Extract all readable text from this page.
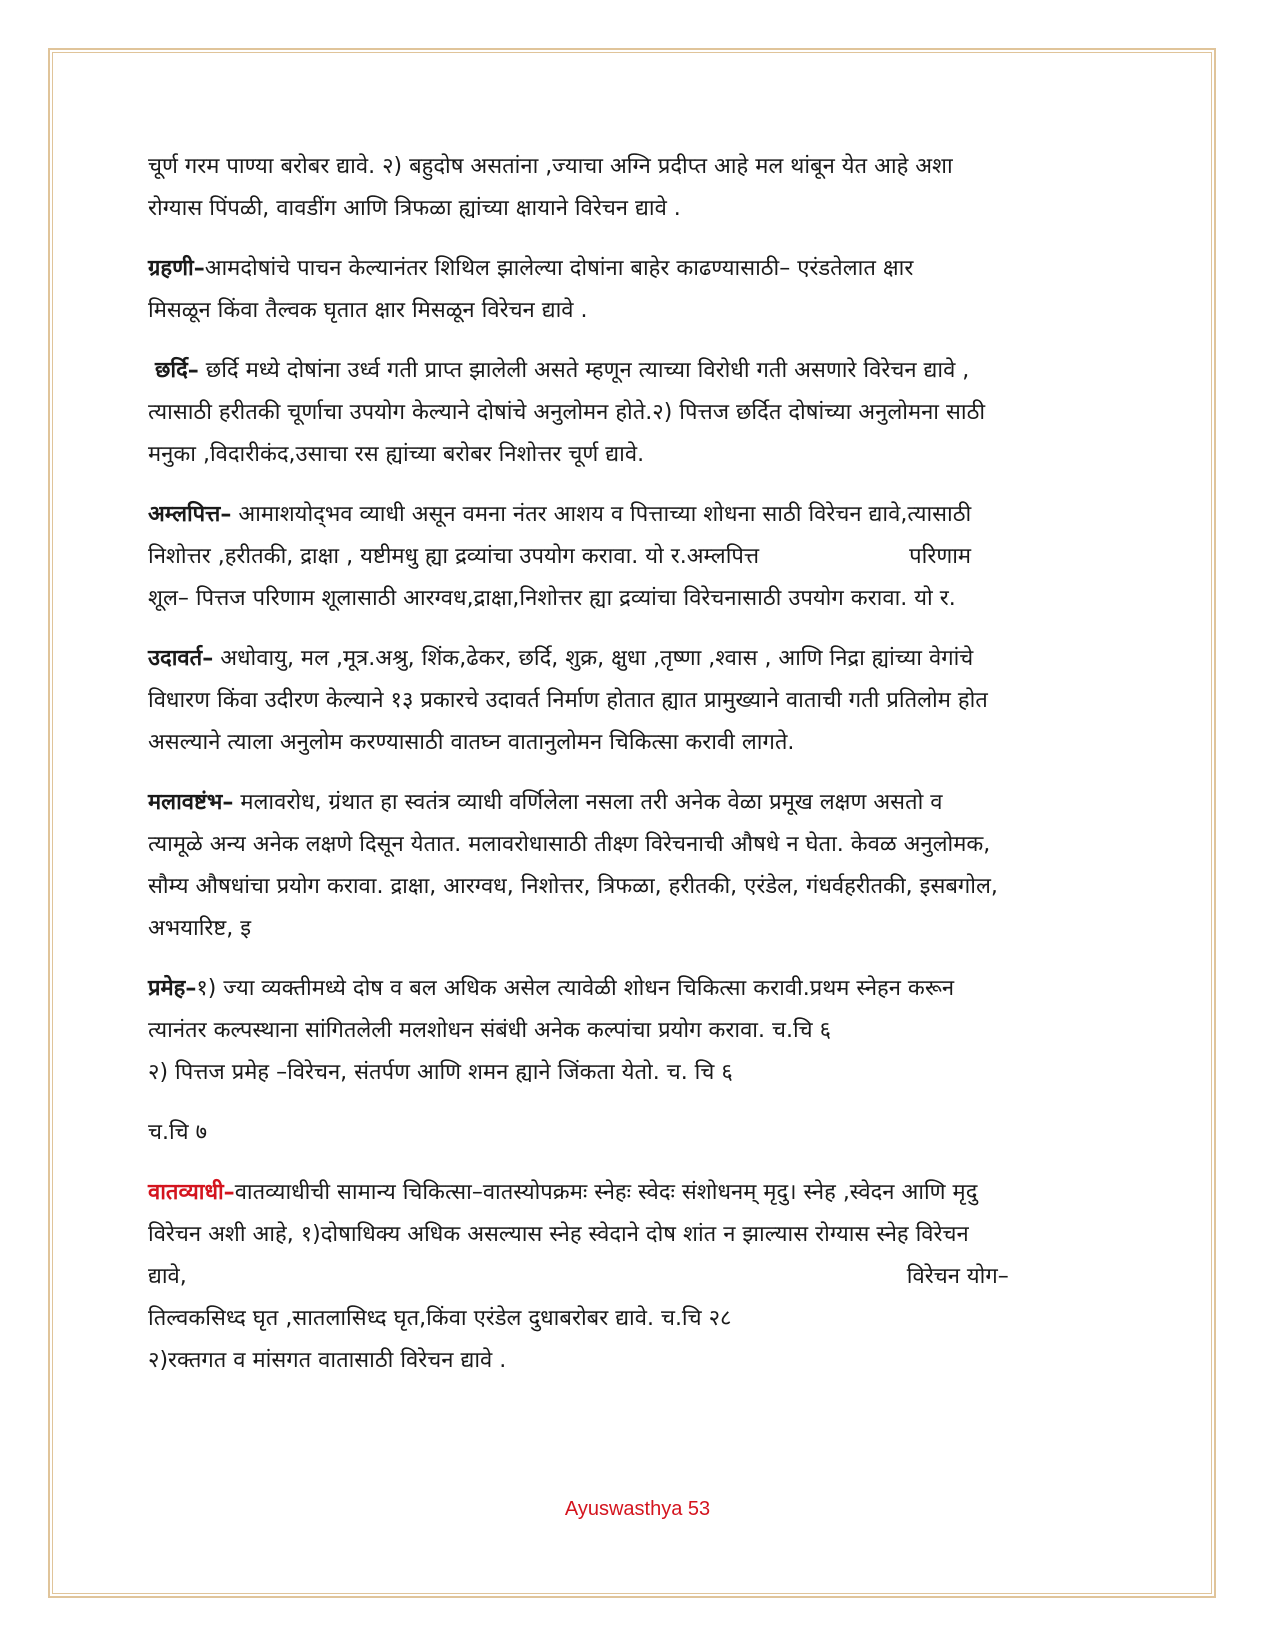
चूर्ण गरम पाण्या बरोबर द्यावे. २) बहुदोष असतांना ,ज्याचा अग्नि प्रदीप्त आहे मल थांबून येत आहे अशा
रोग्यास पिंपळी, वावडींग आणि त्रिफळा ह्यांच्या क्षायाने विरेचन द्यावे .
ग्रहणी–आमदोषांचे पाचन केल्यानंतर शिथिल झालेल्या दोषांना बाहेर काढण्यासाठी– एरंडतेलात क्षार
मिसळून किंवा तैल्वक घृतात क्षार मिसळून विरेचन द्यावे .
छर्दि– छर्दि मध्ये दोषांना उर्ध्व गती प्राप्त झालेली असते म्हणून त्याच्या विरोधी गती असणारे विरेचन द्यावे ,
त्यासाठी हरीतकी चूर्णाचा उपयोग केल्याने दोषांचे अनुलोमन होते.२) पित्तज छर्दित दोषांच्या अनुलोमना साठी
मनुका ,विदारीकंद,उसाचा रस ह्यांच्या बरोबर निशोत्तर चूर्ण द्यावे.
अम्लपित्त– आमाशयोद्‌भव व्याधी असून वमना नंतर आशय व पित्ताच्या शोधना साठी विरेचन द्यावे,त्यासाठी
निशोत्तर ,हरीतकी, द्राक्षा , यष्टीमधु ह्या द्रव्यांचा उपयोग करावा. यो र.अम्लपित्त	परिणाम
शूल– पित्तज परिणाम शूलासाठी आरग्वध,द्राक्षा,निशोत्तर ह्या द्रव्यांचा विरेचनासाठी उपयोग करावा. यो र.
उदावर्त– अधोवायु, मल ,मूत्र.अश्रु, शिंक,ढेकर, छर्दि, शुक्र, क्षुधा ,तृष्णा ,श्वास , आणि निद्रा ह्यांच्या वेगांचे
विधारण किंवा उदीरण केल्याने १३ प्रकारचे उदावर्त निर्माण होतात ह्यात प्रामुख्याने वाताची गती प्रतिलोम होत
असल्याने त्याला अनुलोम करण्यासाठी वातघ्न वातानुलोमन चिकित्सा करावी लागते.
मलावष्टंभ– मलावरोध, ग्रंथात हा स्वतंत्र व्याधी वर्णिलेला नसला तरी अनेक वेळा प्रमूख लक्षण असतो व
त्यामूळे अन्य अनेक लक्षणे दिसून येतात. मलावरोधासाठी तीक्ष्ण विरेचनाची औषधे न घेता. केवळ अनुलोमक,
सौम्य औषधांचा प्रयोग करावा. द्राक्षा, आरग्वध, निशोत्तर, त्रिफळा, हरीतकी, एरंडेल, गंधर्वहरीतकी, इसबगोल,
अभयारिष्ट, इ
प्रमेह–१) ज्या व्यक्तीमध्ये दोष व बल अधिक असेल त्यावेळी शोधन चिकित्सा करावी.प्रथम स्नेहन करून
त्यानंतर कल्पस्थाना सांगितलेली मलशोधन संबंधी अनेक कल्पांचा प्रयोग करावा. च.चि ६
२) पित्तज प्रमेह –विरेचन, संतर्पण आणि शमन ह्याने जिंकता येतो. च. चि ६
च.चि ७
वातव्याधी–वातव्याधीची सामान्य चिकित्सा–वातस्योपक्रमः स्नेहः स्वेदः संशोधनम् मृदु। स्नेह ,स्वेदन आणि मृदु
विरेचन अशी आहे, १)दोषाधिक्य अधिक असल्यास स्नेह स्वेदाने दोष शांत न झाल्यास रोग्यास स्नेह विरेचन
द्यावे,	विरेचन योग–
तिल्वकसिध्द घृत ,सातलासिध्द घृत,किंवा एरंडेल दुधाबरोबर द्यावे. च.चि २८
२)रक्तगत व मांसगत वातासाठी विरेचन द्यावे .
Ayuswasthya 53
